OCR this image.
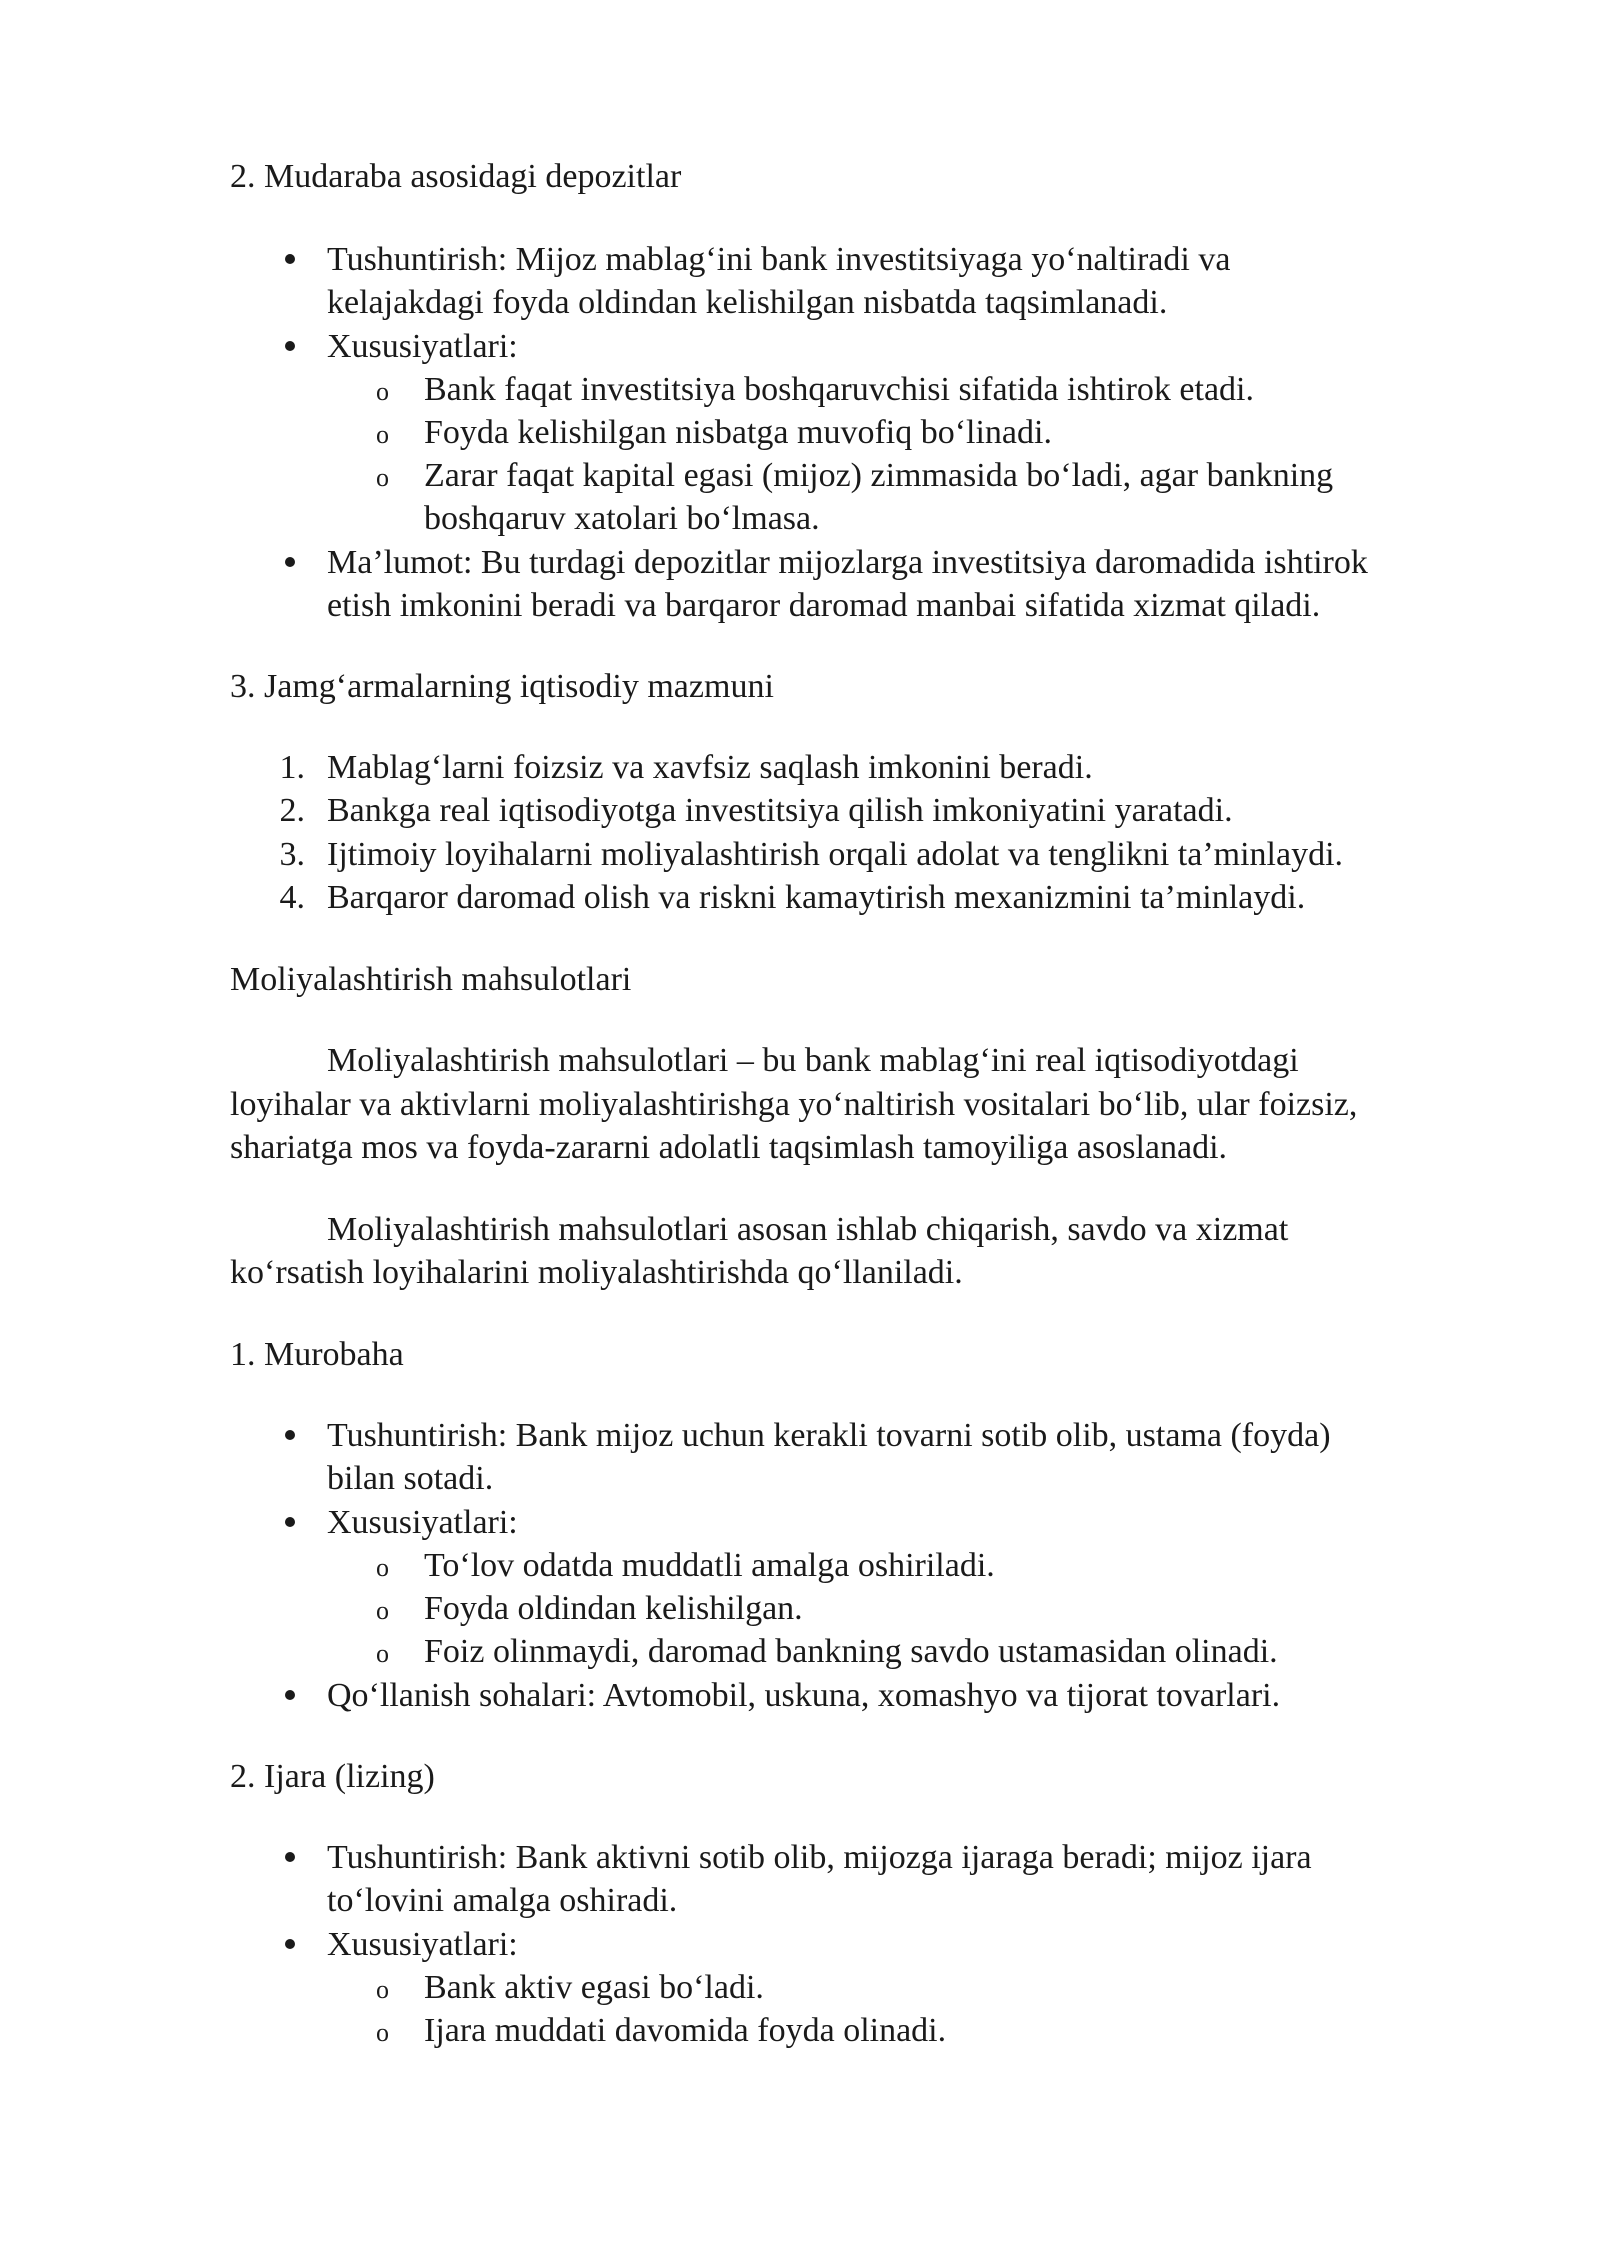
2. Mudaraba asosidagi depozitlar
Tushuntirish: Mijoz mablag‘ini bank investitsiyaga yo‘naltiradi va
kelajakdagi foyda oldindan kelishilgan nisbatda taqsimlanadi.
Xususiyatlari:
o Bank faqat investitsiya boshqaruvchisi sifatida ishtirok etadi.
o Foyda kelishilgan nisbatga muvofiq bo‘linadi.
o Zarar faqat kapital egasi (mijoz) zimmasida bo‘ladi, agar bankning
boshqaruv xatolari bo‘lmasa.
Ma’lumot: Bu turdagi depozitlar mijozlarga investitsiya daromadida ishtirok
etish imkonini beradi va barqaror daromad manbai sifatida xizmat qiladi.
3. Jamg‘armalarning iqtisodiy mazmuni
1. Mablag‘larni foizsiz va xavfsiz saqlash imkonini beradi.
2. Bankga real iqtisodiyotga investitsiya qilish imkoniyatini yaratadi.
3. Ijtimoiy loyihalarni moliyalashtirish orqali adolat va tenglikni ta’minlaydi.
4. Barqaror daromad olish va riskni kamaytirish mexanizmini ta’minlaydi.
Moliyalashtirish mahsulotlari
Moliyalashtirish mahsulotlari – bu bank mablag‘ini real iqtisodiyotdagi
loyihalar va aktivlarni moliyalashtirishga yo‘naltirish vositalari bo‘lib, ular foizsiz,
shariatga mos va foyda-zararni adolatli taqsimlash tamoyiliga asoslanadi.
Moliyalashtirish mahsulotlari asosan ishlab chiqarish, savdo va xizmat
ko‘rsatish loyihalarini moliyalashtirishda qo‘llaniladi.
1. Murobaha
Tushuntirish: Bank mijoz uchun kerakli tovarni sotib olib, ustama (foyda)
bilan sotadi.
Xususiyatlari:
o To‘lov odatda muddatli amalga oshiriladi.
o Foyda oldindan kelishilgan.
o Foiz olinmaydi, daromad bankning savdo ustamasidan olinadi.
Qo‘llanish sohalari: Avtomobil, uskuna, xomashyo va tijorat tovarlari.
2. Ijara (lizing)
Tushuntirish: Bank aktivni sotib olib, mijozga ijaraga beradi; mijoz ijara
to‘lovini amalga oshiradi.
Xususiyatlari:
o Bank aktiv egasi bo‘ladi.
o Ijara muddati davomida foyda olinadi.
